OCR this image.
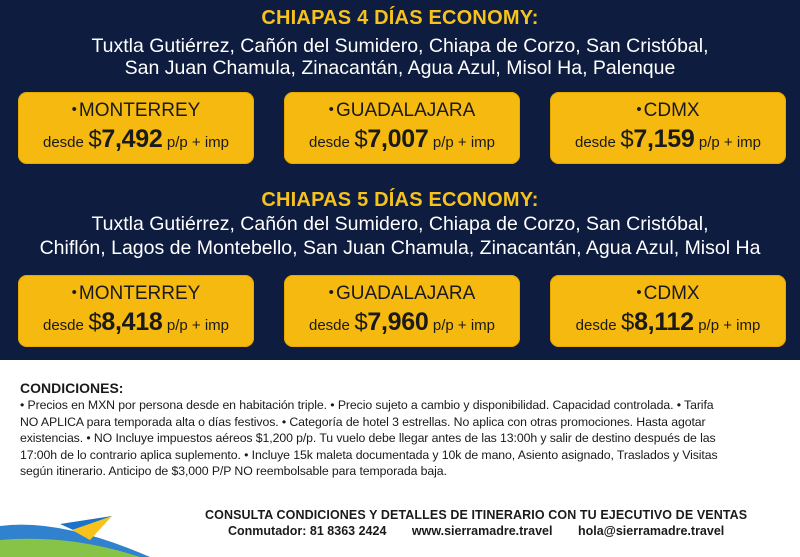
CHIAPAS 4 DÍAS ECONOMY:
Tuxtla Gutiérrez, Cañón del Sumidero, Chiapa de Corzo, San Cristóbal,
San Juan Chamula, Zinacantán, Agua Azul, Misol Ha, Palenque
• MONTERREY
desde $7,492 p/p + imp
• GUADALAJARA
desde $7,007 p/p + imp
• CDMX
desde $7,159 p/p + imp
CHIAPAS 5 DÍAS ECONOMY:
Tuxtla Gutiérrez, Cañón del Sumidero, Chiapa de Corzo, San Cristóbal,
Chiflón, Lagos de Montebello, San Juan Chamula, Zinacantán, Agua Azul, Misol Ha
• MONTERREY
desde $8,418 p/p + imp
• GUADALAJARA
desde $7,960 p/p + imp
• CDMX
desde $8,112 p/p + imp
CONDICIONES:
• Precios en MXN por persona desde en habitación triple. • Precio sujeto a cambio y disponibilidad. Capacidad controlada. • Tarifa
NO APLICA para temporada alta o días festivos. • Categoría de hotel 3 estrellas. No aplica con otras promociones. Hasta agotar
existencias. • NO Incluye impuestos aéreos $1,200 p/p. Tu vuelo debe llegar antes de las 13:00h y salir de destino después de las
17:00h de lo contrario aplica suplemento. • Incluye 15k maleta documentada y 10k de mano, Asiento asignado, Traslados y Visitas
según itinerario. Anticipo de $3,000 P/P NO reembolsable para temporada baja.
CONSULTA CONDICIONES Y DETALLES DE ITINERARIO CON TU EJECUTIVO DE VENTAS
Conmutador: 81 8363 2424 www.sierramadre.travel hola@sierramadre.travel
